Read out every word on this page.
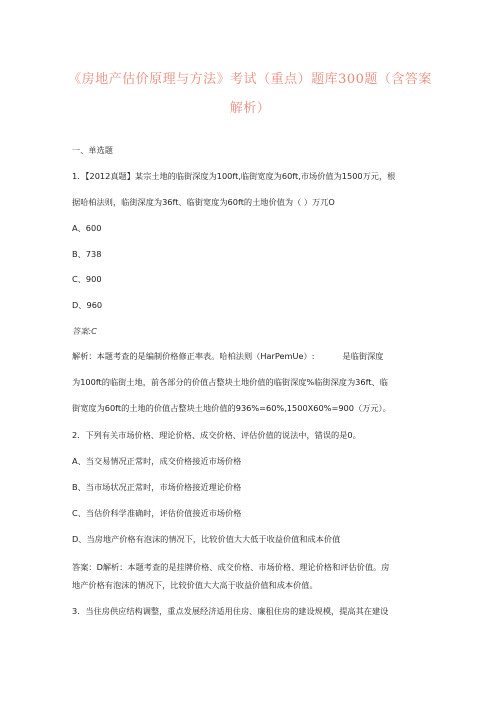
《房地产估价原理与方法》考试（重点）题库300题（含答案
解析）
一、单选题
1．【2012真题】某宗土地的临街深度为100ft,临街宽度为60ft,市场价值为1500万元，根
据哈柏法则，临街深度为36ft、临街宽度为60ft的土地价值为（ ）万兀O
A、600
B、738
C、900
D、960
答案:C
解析：本题考查的是编制价格修正率表。哈柏法则（HarPemUe）:	是临街深度
为100ft的临街土地，前各部分的价值占整块土地价值的临街深度%临街深度为36ft、临
街宽度为60ft的土地的价值占整块土地价值的936%=60%,1500X60%=900（万元）。
2．下列有关市场价格、理论价格、成交价格、评估价值的说法中，错误的是0。
A、当交易情况正常时，成交价格接近市场价格
B、当市场状况正常时，市场价格接近理论价格
C、当估价科学准确时，评估价值接近市场价格
D、当房地产价格有泡沫的情况下，比较价值大大低于收益价值和成本价值
答案：D解析：本题考查的是挂牌价格、成交价格、市场价格、理论价格和评估价值。房
地产价格有泡沫的情况下，比较价值大大高于收益价值和成本价值。
3．当住房供应结构调整，重点发展经济适用住房、廉租住房的建设规模，提高其在建设
